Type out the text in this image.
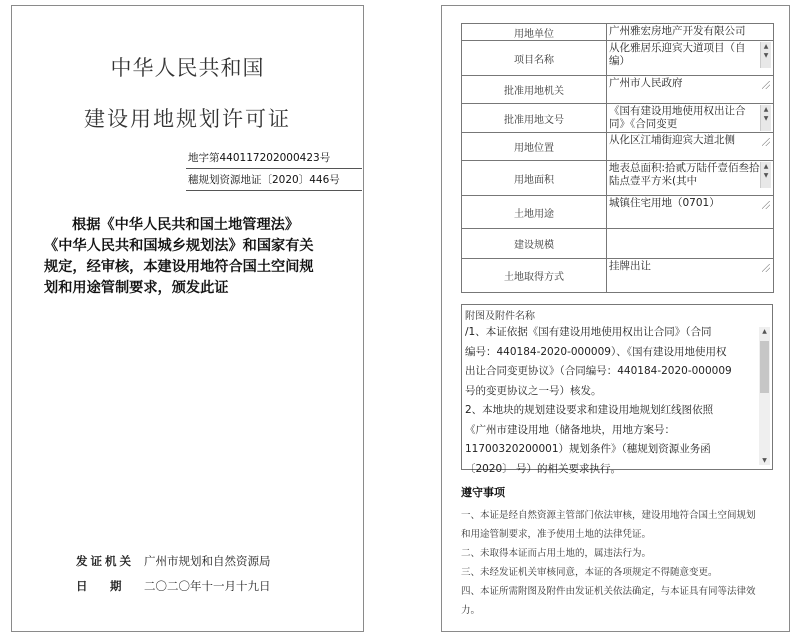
中华人民共和国
建设用地规划许可证
地字第440117202000423号
穗规划资源地证〔2020〕446号
根据《中华人民共和国土地管理法》
《中华人民共和国城乡规划法》和国家有关
规定，经审核，本建设用地符合国土空间规
划和用途管制要求，颁发此证
发证机关 广州市规划和自然资源局
日 期 二〇二〇年十一月十九日
用地单位	广州雅宏房地产开发有限公司

项目名称	从化雅居乐迎宾大道项目（自编）
▲
▼

批准用地机关	广州市人民政府

批准用地文号	《国有建设用地使用权出让合同》《合同变更
▲
▼

用地位置	从化区江埔街迎宾大道北侧

用地面积	地表总面积:拾贰万陆仟壹佰叁拾陆点壹平方米(其中
▲
▼

土地用途	城镇住宅用地（0701）

建设规模	

土地取得方式	挂牌出让
附图及附件名称
/1、本证依据《国有建设用地使用权出让合同》（合同
编号：440184-2020-000009）、《国有建设用地使用权
出让合同变更协议》（合同编号：440184-2020-000009
号的变更协议之一号）核发。
2、本地块的规划建设要求和建设用地规划红线图依照
《广州市建设用地（储备地块，用地方案号：
11700320200001）规划条件》（穗规划资源业务函
〔2020〕 号）的相关要求执行。
▲
▼
遵守事项
一、本证是经自然资源主管部门依法审核，建设用地符合国土空间规划
和用途管制要求，准予使用土地的法律凭证。
二、未取得本证而占用土地的，属违法行为。
三、未经发证机关审核同意，本证的各项规定不得随意变更。
四、本证所需附图及附件由发证机关依法确定，与本证具有同等法律效
力。
